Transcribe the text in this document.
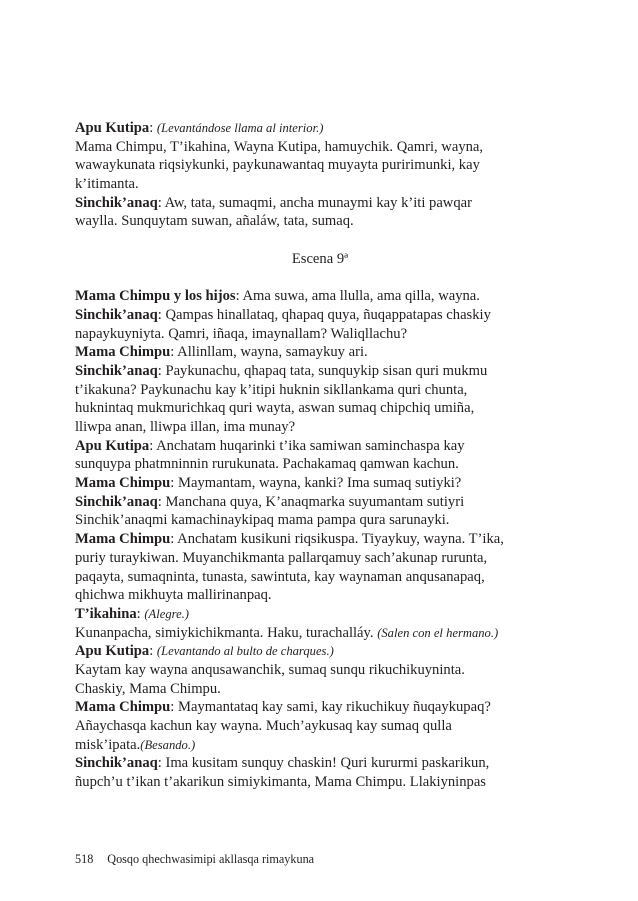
Apu Kutipa: (Levantándose llama al interior.)
Mama Chimpu, T’ikahina, Wayna Kutipa, hamuychik. Qamri, wayna,
wawaykunata riqsiykunki, paykunawantaq muyayta puririmunki, kay
k’itimanta.
Sinchik’anaq: Aw, tata, sumaqmi, ancha munaymi kay k’iti pawqar
waylla. Sunquytam suwan, añaláw, tata, sumaq.
Escena 9ª
Mama Chimpu y los hijos: Ama suwa, ama llulla, ama qilla, wayna.
Sinchik’anaq: Qampas hinallataq, qhapaq quya, ñuqappatapas chaskiy
napaykuyniyta. Qamri, iñaqa, imaynallam? Waliqllachu?
Mama Chimpu: Allinllam, wayna, samaykuy ari.
Sinchik’anaq: Paykunachu, qhapaq tata, sunquykip sisan quri mukmu
t’ikakuna? Paykunachu kay k’itipi huknin sikllankama quri chunta,
huknintaq mukmurichkaq quri wayta, aswan sumaq chipchiq umiña,
lliwpa anan, lliwpa illan, ima munay?
Apu Kutipa: Anchatam huqarinki t’ika samiwan saminchaspa kay
sunquypa phatmninnin rurukunata. Pachakamaq qamwan kachun.
Mama Chimpu: Maymantam, wayna, kanki? Ima sumaq sutiyki?
Sinchik’anaq: Manchana quya, K’anaqmarka suyumantam sutiyri
Sinchik’anaqmi kamachinaykipaq mama pampa qura sarunayki.
Mama Chimpu: Anchatam kusikuni riqsikuspa. Tiyaykuy, wayna. T’ika,
puriy turaykiwan. Muyanchikmanta pallarqamuy sach’akunap rurunta,
paqayta, sumaqninta, tunasta, sawintuta, kay waynaman anqusanapaq,
qhichwa mikhuyta mallirinanpaq.
T’ikahina: (Alegre.)
Kunanpacha, simiykichikmanta. Haku, turachalláy. (Salen con el hermano.)
Apu Kutipa: (Levantando al bulto de charques.)
Kaytam kay wayna anqusawanchik, sumaq sunqu rikuchikuyninta.
Chaskiy, Mama Chimpu.
Mama Chimpu: Maymantataq kay sami, kay rikuchikuy ñuqaykupaq?
Añaychasqa kachun kay wayna. Much’aykusaq kay sumaq qulla
misk’ipata.(Besando.)
Sinchik’anaq: Ima kusitam sunquy chaskin! Quri kururmi paskarikun,
ñupch’u t’ikan t’akarikun simiykimanta, Mama Chimpu. Llakiyninpas
518 Qosqo qhechwasimipi akllasqa rimaykuna
